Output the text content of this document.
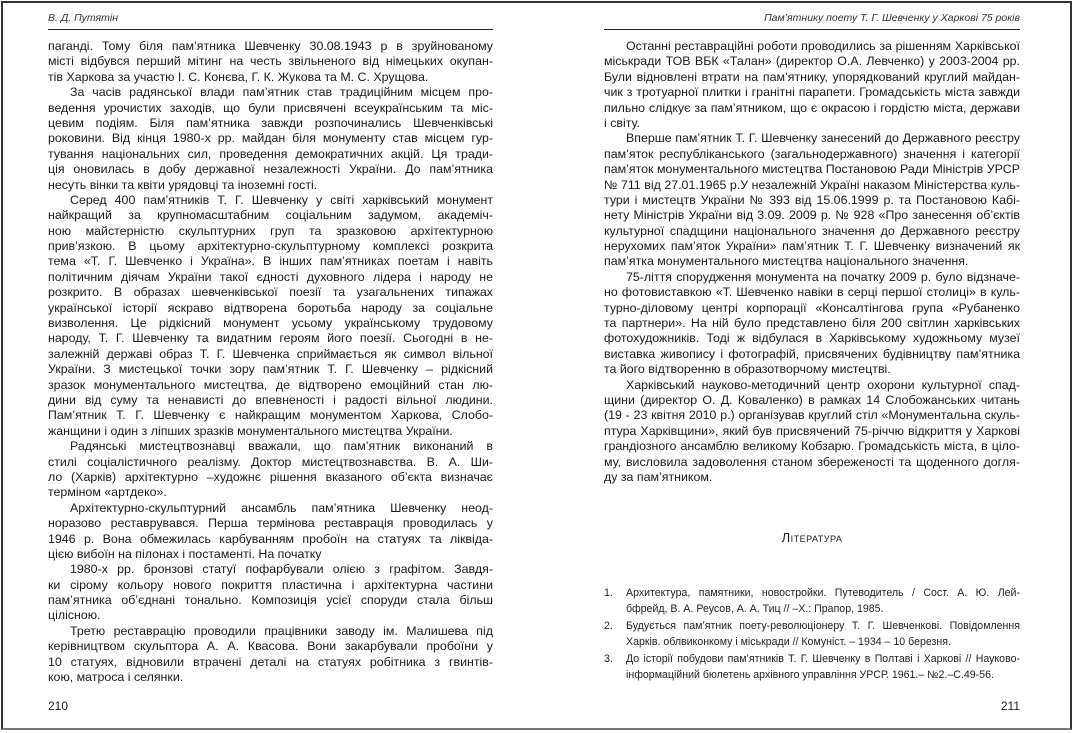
В. Д. Путятін
паганді. Тому біля пам’ятника Шевченку 30.08.1943 р в зруйнованому
місті відбувся перший мітинг на честь звільненого від німецьких окупан-
тів Харкова за участю І. С. Конєва, Г. К. Жукова та М. С. Хрущова.
За часів радянської влади пам’ятник став традиційним місцем про-
ведення урочистих заходів, що були присвячені всеукраїнським та міс-
цевим подіям. Біля пам’ятника завжди розпочинались Шевченківські
роковини. Від кінця 1980-х рр. майдан біля монументу став місцем гур-
тування національних сил, проведення демократичних акцій. Ця тради-
ція оновилась в добу державної незалежності України. До пам’ятника
несуть вінки та квіти урядовці та іноземні гості.
Серед 400 пам’ятників Т. Г. Шевченку у світі харківський монумент
найкращий за крупномасштабним соціальним задумом, академіч-
ною майстерністю скульптурних груп та зразковою архітектурною
прив’язкою. В цьому архітектурно-скульптурному комплексі розкрита
тема «Т. Г. Шевченко і Україна». В інших пам’ятниках поетам і навіть
політичним діячам України такої єдності духовного лідера і народу не
розкрито. В образах шевченківської поезії та узагальнених типажах
української історії яскраво відтворена боротьба народу за соціальне
визволення. Це рідкісний монумент усьому українському трудовому
народу, Т. Г. Шевченку та видатним героям його поезії. Сьогодні в не-
залежній державі образ Т. Г. Шевченка сприймається як символ вільної
України. З мистецької точки зору пам’ятник Т. Г. Шевченку – рідкісний
зразок монументального мистецтва, де відтворено емоційний стан лю-
дини від суму та ненависті до впевненості і радості вільної людини.
Пам’ятник Т. Г. Шевченку є найкращим монументом Харкова, Слобо-
жанщини і один з ліпших зразків монументального мистецтва України.
Радянські мистецтвознавці вважали, що пам’ятник виконаний в
стилі соціалістичного реалізму. Доктор мистецтвознавства. В. А. Ши-
ло (Харків) архітектурно –художнє рішення вказаного об’єкта визначає
терміном «артдеко».
Архітектурно-скульптурний ансамбль пам’ятника Шевченку неод-
норазово реставрувався. Перша термінова реставрація проводилась у
1946 р. Вона обмежилась карбуванням пробоїн на статуях та ліквіда-
цією вибоїн на пілонах і постаменті. На початку
1980-х рр. бронзові статуї пофарбували олією з графітом. Завдя-
ки сірому кольору нового покриття пластична і архітектурна частини
пам’ятника об’єднані тонально. Композиція усієї споруди стала більш
цілісною.
Третю реставрацію проводили працівники заводу ім. Малишева під
керівництвом скульптора А. А. Квасова. Вони закарбували пробоїни у
10 статуях, відновили втрачені деталі на статуях робітника з гвинтів-
кою, матроса і селянки.
210
Пам’ятнику поету Т. Г. Шевченку у Харкові 75 років
Останні реставраційні роботи проводились за рішенням Харківської
міськради ТОВ ВБК «Талан» (директор О.А. Левченко) у 2003-2004 рр.
Були відновлені втрати на пам’ятнику, упорядкований круглий майдан-
чик з тротуарної плитки і гранітні парапети. Громадськість міста завжди
пильно слідкує за пам’ятником, що є окрасою і гордістю міста, держави
і світу.
Вперше пам’ятник Т. Г. Шевченку занесений до Державного реєстру
пам’яток республіканського (загальнодержавного) значення і категорії
пам’яток монументального мистецтва Постановою Ради Міністрів УРСР
№ 711 від 27.01.1965 р.У незалежній Україні наказом Міністерства куль-
тури і мистецтв України № 393 від 15.06.1999 р. та Постановою Кабі-
нету Міністрів України від 3.09. 2009 р. № 928 «Про занесення об’єктів
культурної спадщини національного значення до Державного реєстру
нерухомих пам’яток України» пам’ятник Т. Г. Шевченку визначений як
пам’ятка монументального мистецтва національного значення.
75-ліття спорудження монумента на початку 2009 р. було відзначе-
но фотовиставкою «Т. Шевченко навіки в серці першої столиці» в куль-
турно-діловому центрі корпорації «Консалтінгова група «Рубаненко
та партнери». На ній було представлено біля 200 світлин харківських
фотохудожників. Тоді ж відбулася в Харківському художньому музеї
виставка живопису і фотографій, присвячених будівництву пам’ятника
та його відтворенню в образотворчому мистецтві.
Харківський науково-методичний центр охорони культурної спад-
щини (директор О. Д. Коваленко) в рамках 14 Слобожанських читань
(19 - 23 квітня 2010 р.) організував круглий стіл «Монументальна скуль-
птура Харківщини», який був присвячений 75-річчю відкриття у Харкові
грандіозного ансамблю великому Кобзарю. Громадськість міста, в ціло-
му, висловила задоволення станом збереженості та щоденного догля-
ду за пам’ятником.
Література
1. Архитектура, памятники, новостройки. Путеводитель / Сост. А. Ю. Лей-
бфрейд, В. А. Реусов, А. А. Тиц // –Х.: Прапор, 1985.
2. Будується пам’ятник поету-революціонеру Т. Г. Шевченкові. Повідомлення
Харків. облвиконкому і міськради // Комуніст. – 1934 – 10 березня.
3. До історії побудови пам’ятників Т. Г. Шевченку в Полтаві і Харкові // Науково-
інформаційний бюлетень архівного управління УРСР. 1961.– №2.–С.49-56.
211
